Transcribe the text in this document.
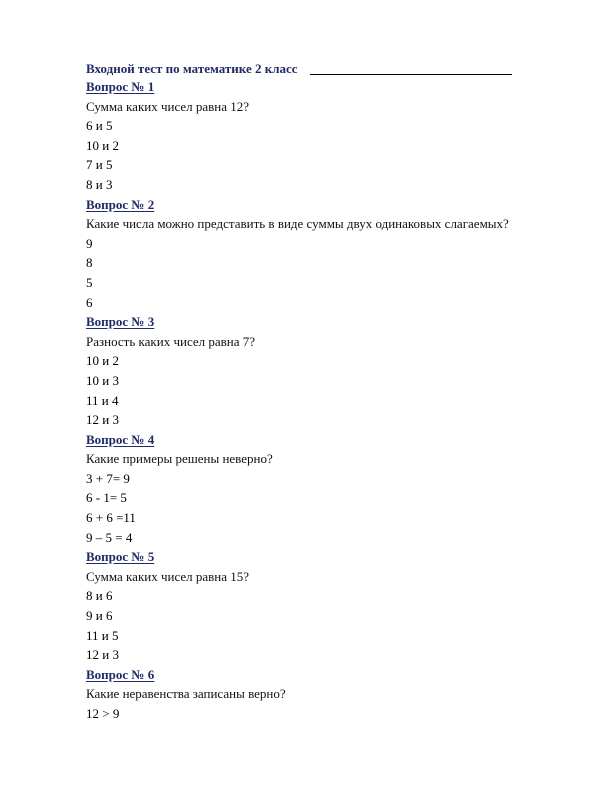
Входной тест по математике 2 класс
Вопрос № 1
Сумма каких чисел равна 12?
6 и 5
10 и 2
7 и 5
8 и 3
Вопрос № 2
Какие числа можно представить в виде суммы двух одинаковых слагаемых?
9
8
5
6
Вопрос № 3
Разность каких чисел равна 7?
10 и 2
10 и 3
11 и 4
12 и 3
Вопрос № 4
Какие примеры решены неверно?
3 + 7= 9
6 - 1= 5
6 + 6 =11
9 – 5 = 4
Вопрос № 5
Сумма каких чисел равна 15?
8 и 6
9 и 6
11 и 5
12 и 3
Вопрос № 6
Какие неравенства записаны верно?
12 > 9
